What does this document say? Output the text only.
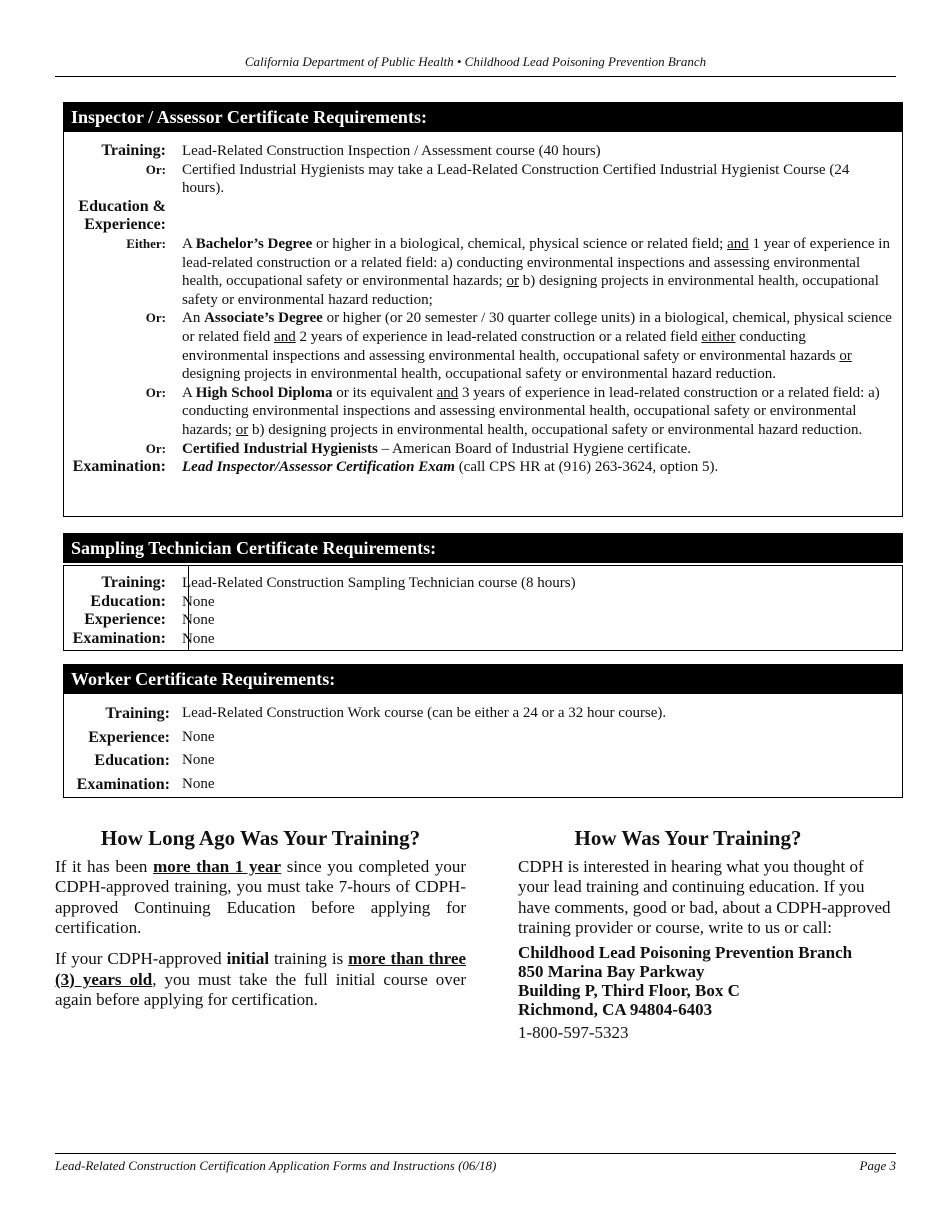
California Department of Public Health • Childhood Lead Poisoning Prevention Branch
Inspector / Assessor Certificate Requirements:
Training:	Lead-Related Construction Inspection / Assessment course (40 hours)
Or:	Certified Industrial Hygienists may take a Lead-Related Construction Certified Industrial Hygienist Course (24 hours).
Education &
Experience:
Either:	A Bachelor’s Degree or higher in a biological, chemical, physical science or related field; and 1 year of experience in lead-related construction or a related field: a) conducting environmental inspections and assessing environmental health, occupational safety or environmental hazards; or b) designing projects in environmental health, occupational safety or environmental hazard reduction;
Or:	An Associate’s Degree or higher (or 20 semester / 30 quarter college units) in a biological, chemical, physical science or related field and 2 years of experience in lead-related construction or a related field either conducting environmental inspections and assessing environmental health, occupational safety or environmental hazards or designing projects in environmental health, occupational safety or environmental hazard reduction.
Or:	A High School Diploma or its equivalent and 3 years of experience in lead-related construction or a related field: a) conducting environmental inspections and assessing environmental health, occupational safety or environmental hazards; or b) designing projects in environmental health, occupational safety or environmental hazard reduction.
Or:	Certified Industrial Hygienists – American Board of Industrial Hygiene certificate.
Examination:	Lead Inspector/Assessor Certification Exam (call CPS HR at (916) 263-3624, option 5).
Sampling Technician Certificate Requirements:
Training:	Lead-Related Construction Sampling Technician course (8 hours)
Education:	None
Experience:	None
Examination:	None
Worker Certificate Requirements:
Training: Lead-Related Construction Work course (can be either a 24 or a 32 hour course).
Experience: None
Education: None
Examination: None
How Long Ago Was Your Training?

If it has been more than 1 year since you completed your CDPH-approved training, you must take 7-hours of CDPH-approved Continuing Education before applying for certification.

If your CDPH-approved initial training is more than three (3) years old, you must take the full initial course over again before applying for certification.

How Was Your Training?

CDPH is interested in hearing what you thought of your lead training and continuing education. If you have comments, good or bad, about a CDPH-approved training provider or course, write to us or call:

Childhood Lead Poisoning Prevention Branch
850 Marina Bay Parkway
Building P, Third Floor, Box C
Richmond, CA 94804-6403
1-800-597-5323
Lead-Related Construction Certification Application Forms and Instructions (06/18)	Page 3
